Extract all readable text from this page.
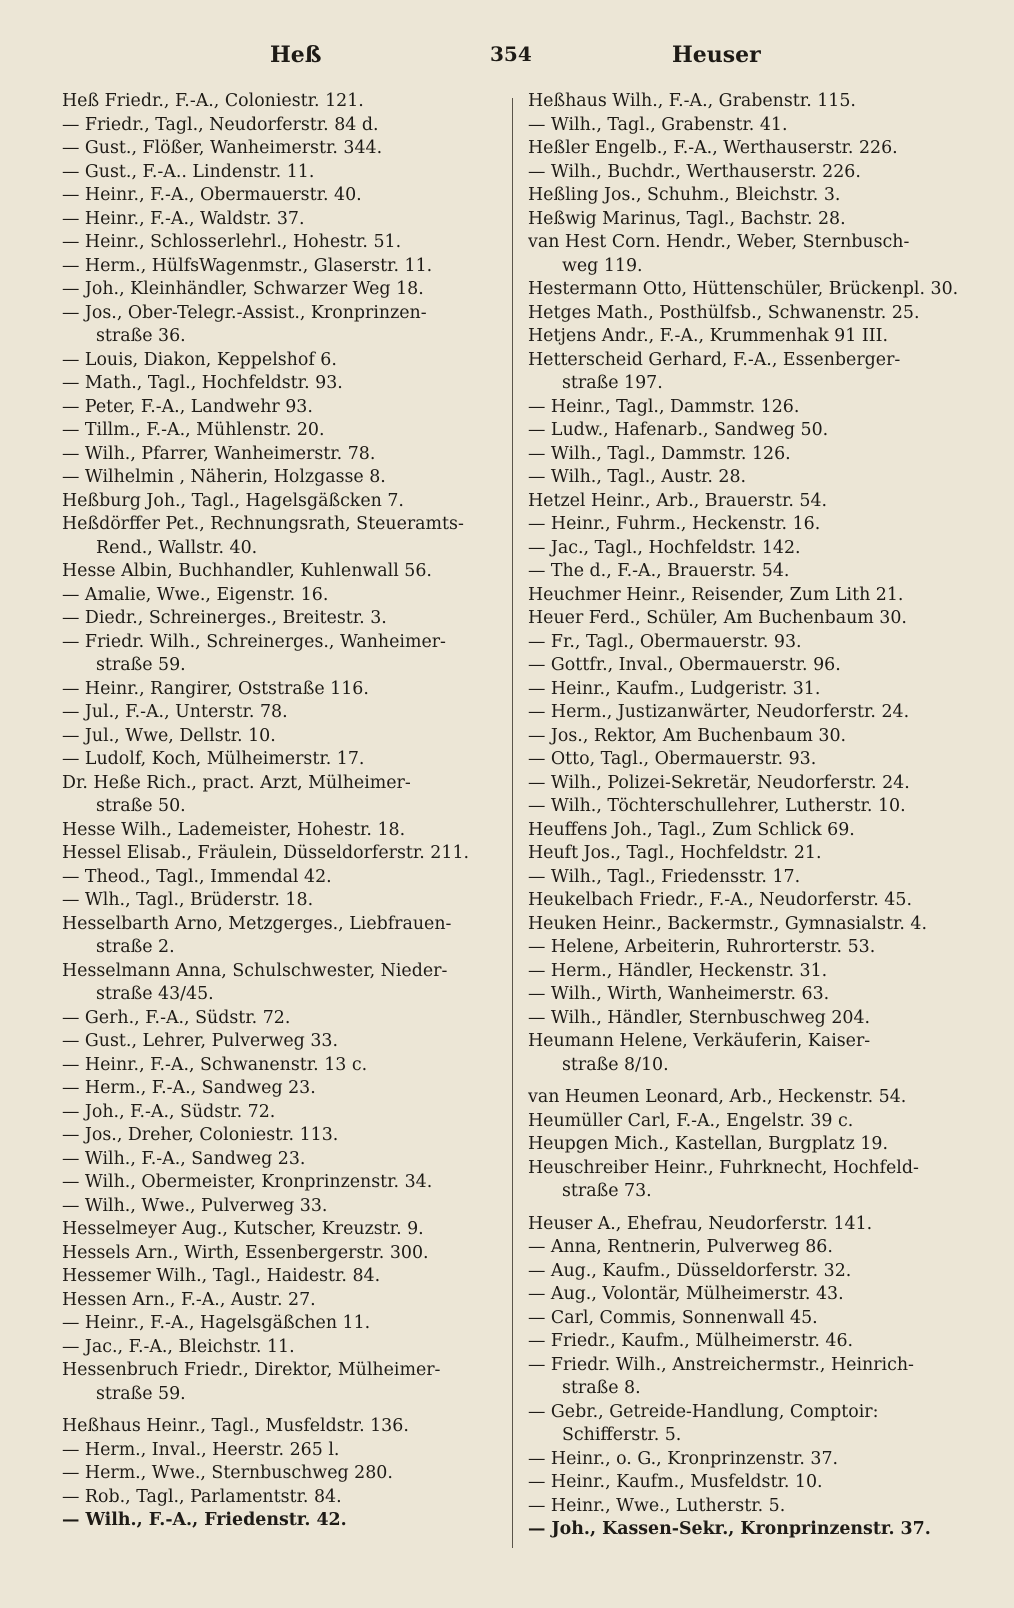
Heß	354	Heuser
Heß Friedr., F.-A., Coloniestr. 121.
— Friedr., Tagl., Neudorferstr. 84 d.
— Gust., Flößer, Wanheimerstr. 344.
— Gust., F.-A.. Lindenstr. 11.
— Heinr., F.-A., Obermauerstr. 40.
— Heinr., F.-A., Waldstr. 37.
— Heinr., Schlosserlehrl., Hohestr. 51.
— Herm., HülfsWagenmstr., Glaserstr. 11.
— Joh., Kleinhändler, Schwarzer Weg 18.
— Jos., Ober-Telegr.-Assist., Kronprinzen-
straße 36.
— Louis, Diakon, Keppelshof 6.
— Math., Tagl., Hochfeldstr. 93.
— Peter, F.-A., Landwehr 93.
— Tillm., F.-A., Mühlenstr. 20.
— Wilh., Pfarrer, Wanheimerstr. 78.
— Wilhelmin , Näherin, Holzgasse 8.
Heßburg Joh., Tagl., Hagelsgäßcken 7.
Heßdörffer Pet., Rechnungsrath, Steueramts-
Rend., Wallstr. 40.
Hesse Albin, Buchhandler, Kuhlenwall 56.
— Amalie, Wwe., Eigenstr. 16.
— Diedr., Schreinerges., Breitestr. 3.
— Friedr. Wilh., Schreinerges., Wanheimer-
straße 59.
— Heinr., Rangirer, Oststraße 116.
— Jul., F.-A., Unterstr. 78.
— Jul., Wwe, Dellstr. 10.
— Ludolf, Koch, Mülheimerstr. 17.
Dr. Heße Rich., pract. Arzt, Mülheimer-
straße 50.
Hesse Wilh., Lademeister, Hohestr. 18.
Hessel Elisab., Fräulein, Düsseldorferstr. 211.
— Theod., Tagl., Immendal 42.
— Wlh., Tagl., Brüderstr. 18.
Hesselbarth Arno, Metzgerges., Liebfrauen-
straße 2.
Hesselmann Anna, Schulschwester, Nieder-
straße 43/45.
— Gerh., F.-A., Südstr. 72.
— Gust., Lehrer, Pulverweg 33.
— Heinr., F.-A., Schwanenstr. 13 c.
— Herm., F.-A., Sandweg 23.
— Joh., F.-A., Südstr. 72.
— Jos., Dreher, Coloniestr. 113.
— Wilh., F.-A., Sandweg 23.
— Wilh., Obermeister, Kronprinzenstr. 34.
— Wilh., Wwe., Pulverweg 33.
Hesselmeyer Aug., Kutscher, Kreuzstr. 9.
Hessels Arn., Wirth, Essenbergerstr. 300.
Hessemer Wilh., Tagl., Haidestr. 84.
Hessen Arn., F.-A., Austr. 27.
— Heinr., F.-A., Hagelsgäßchen 11.
— Jac., F.-A., Bleichstr. 11.
Hessenbruch Friedr., Direktor, Mülheimer-
straße 59.
Heßhaus Heinr., Tagl., Musfeldstr. 136.
— Herm., Inval., Heerstr. 265 l.
— Herm., Wwe., Sternbuschweg 280.
— Rob., Tagl., Parlamentstr. 84.
— Wilh., F.-A., Friedenstr. 42.
Heßhaus Wilh., F.-A., Grabenstr. 115.
— Wilh., Tagl., Grabenstr. 41.
Heßler Engelb., F.-A., Werthauserstr. 226.
— Wilh., Buchdr., Werthauserstr. 226.
Heßling Jos., Schuhm., Bleichstr. 3.
Heßwig Marinus, Tagl., Bachstr. 28.
van Hest Corn. Hendr., Weber, Sternbusch-
weg 119.
Hestermann Otto, Hüttenschüler, Brückenpl. 30.
Hetges Math., Posthülfsb., Schwanenstr. 25.
Hetjens Andr., F.-A., Krummenhak 91 III.
Hetterscheid Gerhard, F.-A., Essenberger-
straße 197.
— Heinr., Tagl., Dammstr. 126.
— Ludw., Hafenarb., Sandweg 50.
— Wilh., Tagl., Dammstr. 126.
— Wilh., Tagl., Austr. 28.
Hetzel Heinr., Arb., Brauerstr. 54.
— Heinr., Fuhrm., Heckenstr. 16.
— Jac., Tagl., Hochfeldstr. 142.
— The d., F.-A., Brauerstr. 54.
Heuchmer Heinr., Reisender, Zum Lith 21.
Heuer Ferd., Schüler, Am Buchenbaum 30.
— Fr., Tagl., Obermauerstr. 93.
— Gottfr., Inval., Obermauerstr. 96.
— Heinr., Kaufm., Ludgeristr. 31.
— Herm., Justizanwärter, Neudorferstr. 24.
— Jos., Rektor, Am Buchenbaum 30.
— Otto, Tagl., Obermauerstr. 93.
— Wilh., Polizei-Sekretär, Neudorferstr. 24.
— Wilh., Töchterschullehrer, Lutherstr. 10.
Heuffens Joh., Tagl., Zum Schlick 69.
Heuft Jos., Tagl., Hochfeldstr. 21.
— Wilh., Tagl., Friedensstr. 17.
Heukelbach Friedr., F.-A., Neudorferstr. 45.
Heuken Heinr., Backermstr., Gymnasialstr. 4.
— Helene, Arbeiterin, Ruhrorterstr. 53.
— Herm., Händler, Heckenstr. 31.
— Wilh., Wirth, Wanheimerstr. 63.
— Wilh., Händler, Sternbuschweg 204.
Heumann Helene, Verkäuferin, Kaiser-
straße 8/10.
van Heumen Leonard, Arb., Heckenstr. 54.
Heumüller Carl, F.-A., Engelstr. 39 c.
Heupgen Mich., Kastellan, Burgplatz 19.
Heuschreiber Heinr., Fuhrknecht, Hochfeld-
straße 73.
Heuser A., Ehefrau, Neudorferstr. 141.
— Anna, Rentnerin, Pulverweg 86.
— Aug., Kaufm., Düsseldorferstr. 32.
— Aug., Volontär, Mülheimerstr. 43.
— Carl, Commis, Sonnenwall 45.
— Friedr., Kaufm., Mülheimerstr. 46.
— Friedr. Wilh., Anstreichermstr., Heinrich-
straße 8.
— Gebr., Getreide-Handlung, Comptoir:
Schifferstr. 5.
— Heinr., o. G., Kronprinzenstr. 37.
— Heinr., Kaufm., Musfeldstr. 10.
— Heinr., Wwe., Lutherstr. 5.
— Joh., Kassen-Sekr., Kronprinzenstr. 37.
